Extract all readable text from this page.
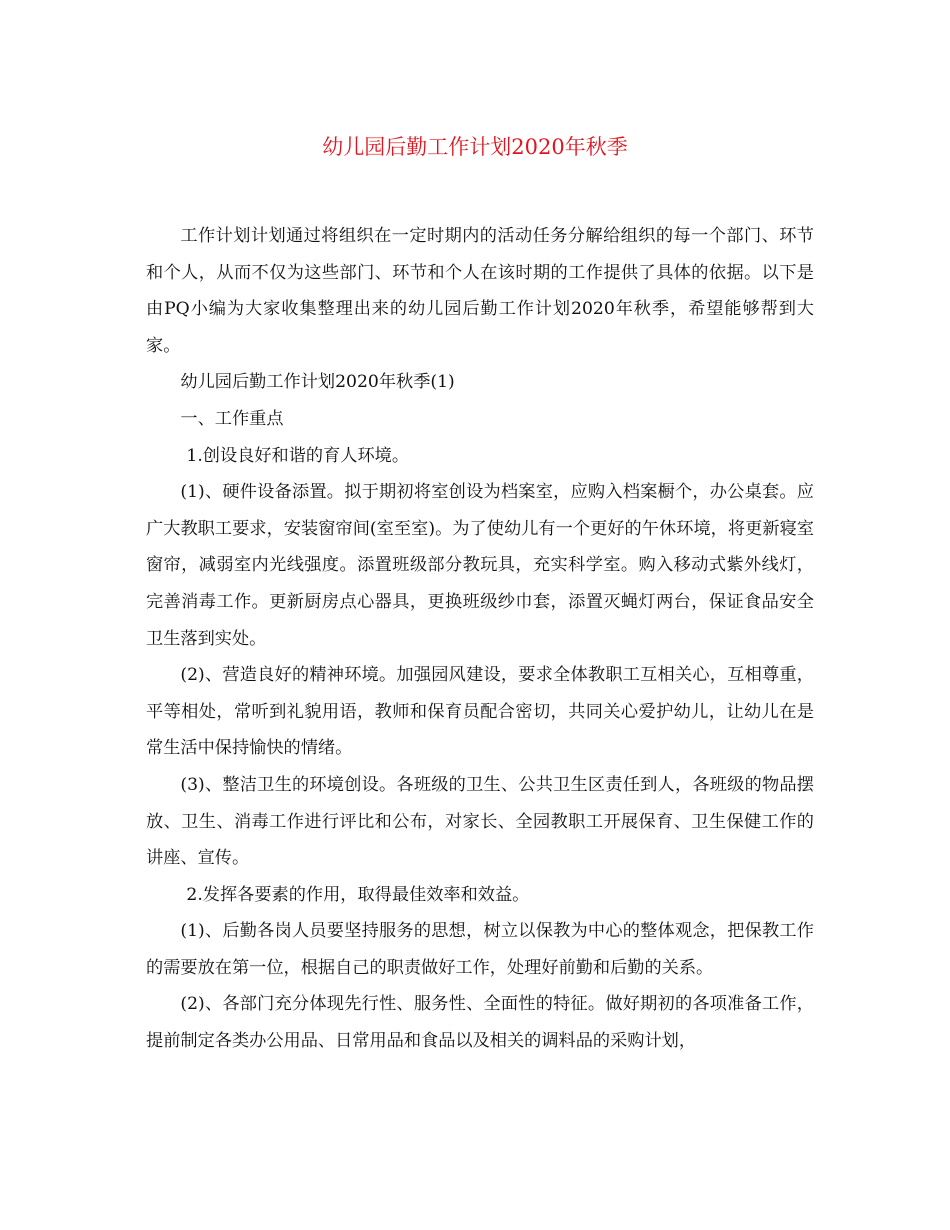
幼儿园后勤工作计划2020年秋季

工作计划计划通过将组织在一定时期内的活动任务分解给组织的每一个部门、环节和个人，从而不仅为这些部门、环节和个人在该时期的工作提供了具体的依据。以下是由PQ小编为大家收集整理出来的幼儿园后勤工作计划2020年秋季，希望能够帮到大家。

幼儿园后勤工作计划2020年秋季(1)

一、工作重点

1.创设良好和谐的育人环境。

(1)、硬件设备添置。拟于期初将室创设为档案室，应购入档案橱个，办公桌套。应广大教职工要求，安装窗帘间(室至室)。为了使幼儿有一个更好的午休环境，将更新寝室窗帘，减弱室内光线强度。添置班级部分教玩具，充实科学室。购入移动式紫外线灯，完善消毒工作。更新厨房点心器具，更换班级纱巾套，添置灭蝇灯两台，保证食品安全卫生落到实处。

(2)、营造良好的精神环境。加强园风建设，要求全体教职工互相关心，互相尊重，平等相处，常听到礼貌用语，教师和保育员配合密切，共同关心爱护幼儿，让幼儿在是常生活中保持愉快的情绪。

(3)、整洁卫生的环境创设。各班级的卫生、公共卫生区责任到人，各班级的物品摆放、卫生、消毒工作进行评比和公布，对家长、全园教职工开展保育、卫生保健工作的讲座、宣传。

2.发挥各要素的作用，取得最佳效率和效益。

(1)、后勤各岗人员要坚持服务的思想，树立以保教为中心的整体观念，把保教工作的需要放在第一位，根据自己的职责做好工作，处理好前勤和后勤的关系。

(2)、各部门充分体现先行性、服务性、全面性的特征。做好期初的各项准备工作，提前制定各类办公用品、日常用品和食品以及相关的调料品的采购计划，
